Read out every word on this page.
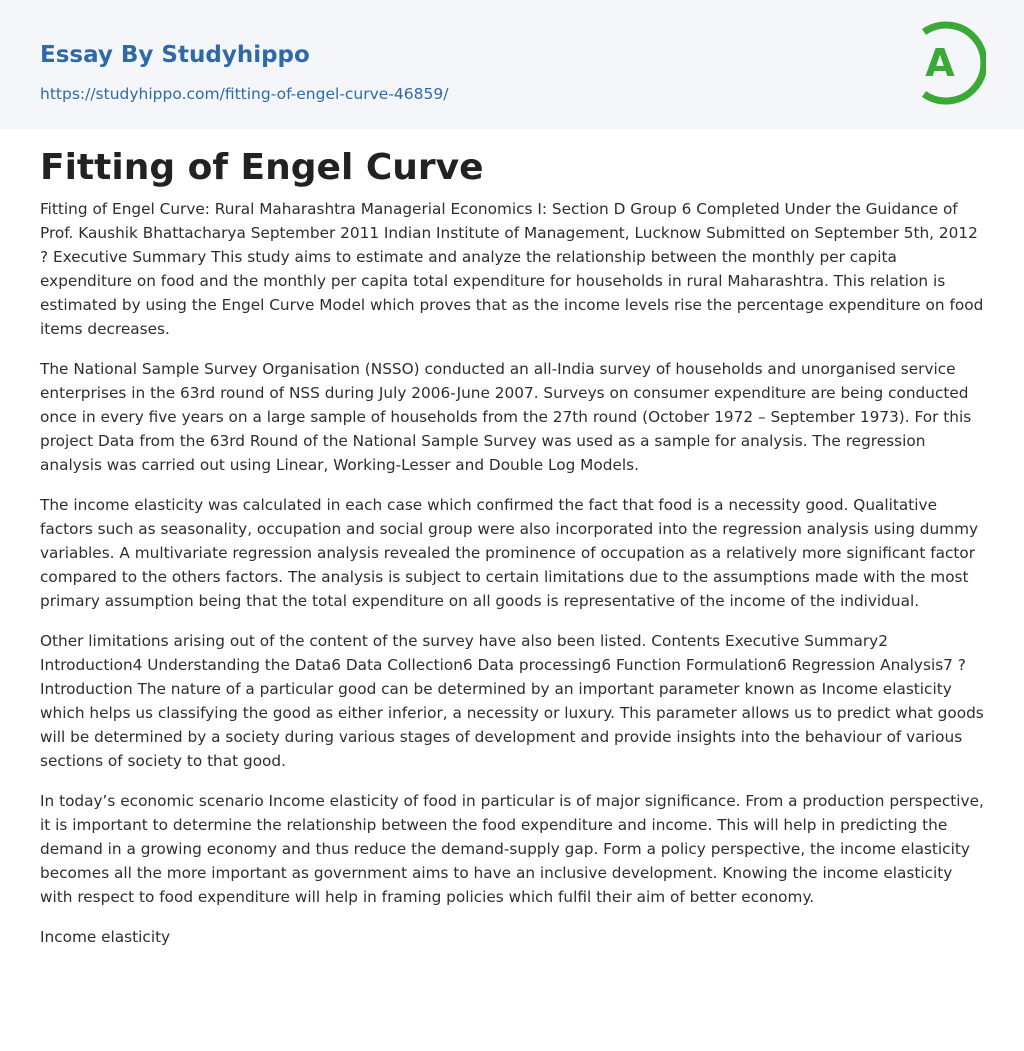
Essay By Studyhippo
https://studyhippo.com/fitting-of-engel-curve-46859/
A
Fitting of Engel Curve

Fitting of Engel Curve: Rural Maharashtra Managerial Economics I: Section D Group 6 Completed Under the Guidance of Prof. Kaushik Bhattacharya September 2011 Indian Institute of Management, Lucknow Submitted on September 5th, 2012 ? Executive Summary This study aims to estimate and analyze the relationship between the monthly per capita expenditure on food and the monthly per capita total expenditure for households in rural Maharashtra. This relation is estimated by using the Engel Curve Model which proves that as the income levels rise the percentage expenditure on food items decreases.

The National Sample Survey Organisation (NSSO) conducted an all-India survey of households and unorganised service enterprises in the 63rd round of NSS during July 2006-June 2007. Surveys on consumer expenditure are being conducted once in every five years on a large sample of households from the 27th round (October 1972 – September 1973). For this project Data from the 63rd Round of the National Sample Survey was used as a sample for analysis. The regression analysis was carried out using Linear, Working-Lesser and Double Log Models.

The income elasticity was calculated in each case which confirmed the fact that food is a necessity good. Qualitative factors such as seasonality, occupation and social group were also incorporated into the regression analysis using dummy variables. A multivariate regression analysis revealed the prominence of occupation as a relatively more significant factor compared to the others factors. The analysis is subject to certain limitations due to the assumptions made with the most primary assumption being that the total expenditure on all goods is representative of the income of the individual.

Other limitations arising out of the content of the survey have also been listed. Contents Executive Summary2 Introduction4 Understanding the Data6 Data Collection6 Data processing6 Function Formulation6 Regression Analysis7 ? Introduction The nature of a particular good can be determined by an important parameter known as Income elasticity which helps us classifying the good as either inferior, a necessity or luxury. This parameter allows us to predict what goods will be determined by a society during various stages of development and provide insights into the behaviour of various sections of society to that good.

In today’s economic scenario Income elasticity of food in particular is of major significance. From a production perspective, it is important to determine the relationship between the food expenditure and income. This will help in predicting the demand in a growing economy and thus reduce the demand-supply gap. Form a policy perspective, the income elasticity becomes all the more important as government aims to have an inclusive development. Knowing the income elasticity with respect to food expenditure will help in framing policies which fulfil their aim of better economy.

Income elasticity
